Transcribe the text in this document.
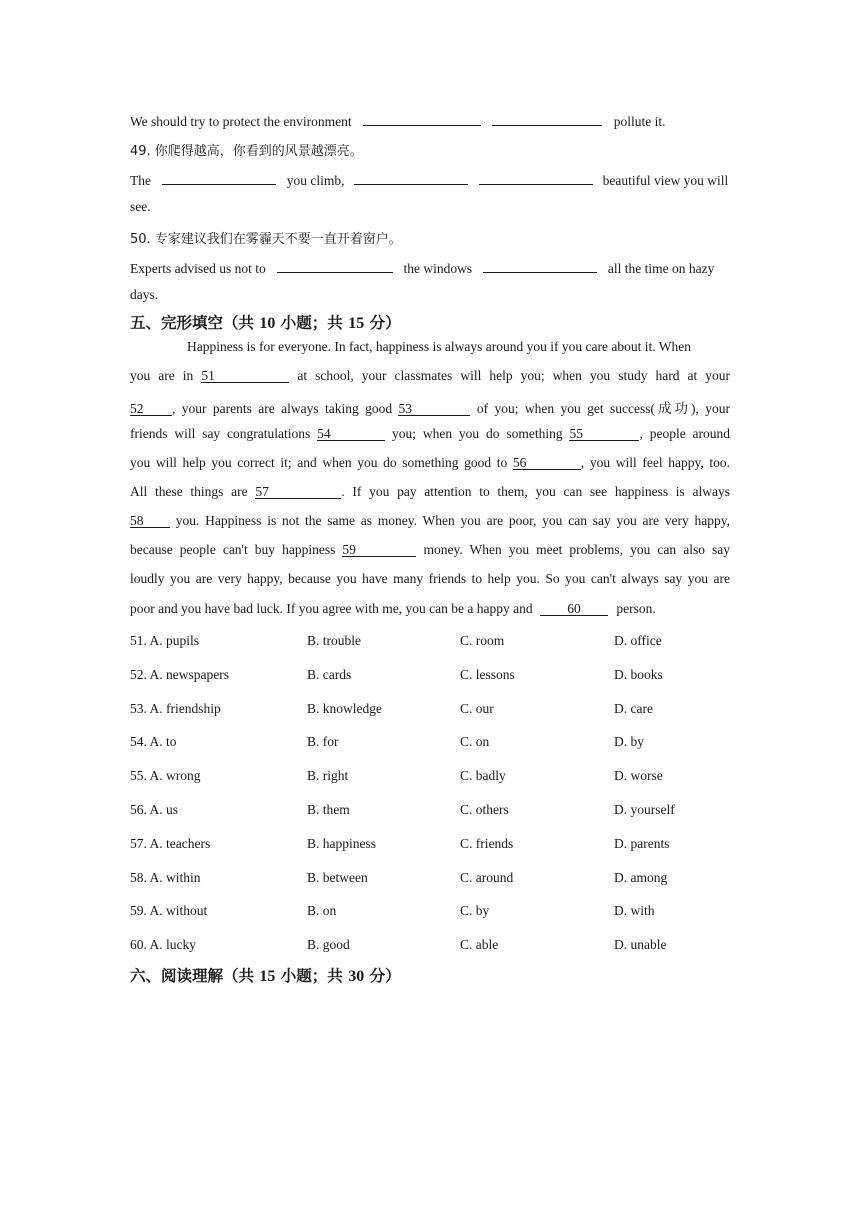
We should try to protect the environment	pollute it.
49. 你爬得越高，你看到的风景越漂亮。
The	you climb,	beautiful view you will
see.
50. 专家建议我们在雾霾天不要一直开着窗户。
Experts advised us not to	the windows	all the time on hazy
days.
五、完形填空（共 10 小题；共 15 分）
Happiness is for everyone. In fact, happiness is always around you if you care about it. When
you are in 51	at school, your classmates will help you; when you study hard at your
52 , your parents are always taking good 53	of you; when you get success(成功), your
friends will say congratulations 54	you; when you do something 55	, people around
you will help you correct it; and when you do something good to 56	, you will feel happy, too.
All these things are 57	. If you pay attention to them, you can see happiness is always
58 you. Happiness is not the same as money. When you are poor, you can say you are very happy,
because people can't buy happiness 59	money. When you meet problems, you can also say
loudly you are very happy, because you have many friends to help you. So you can't always say you are
poor and you have bad luck. If you agree with me, you can be a happy and	60	person.
51. A. pupils	B. trouble	C. room	D. office
52. A. newspapers	B. cards	C. lessons	D. books
53. A. friendship	B. knowledge	C. our	D. care
54. A. to	B. for	C. on	D. by
55. A. wrong	B. right	C. badly	D. worse
56. A. us	B. them	C. others	D. yourself
57. A. teachers	B. happiness	C. friends	D. parents
58. A. within	B. between	C. around	D. among
59. A. without	B. on	C. by	D. with
60. A. lucky	B. good	C. able	D. unable
六、阅读理解（共 15 小题；共 30 分）
